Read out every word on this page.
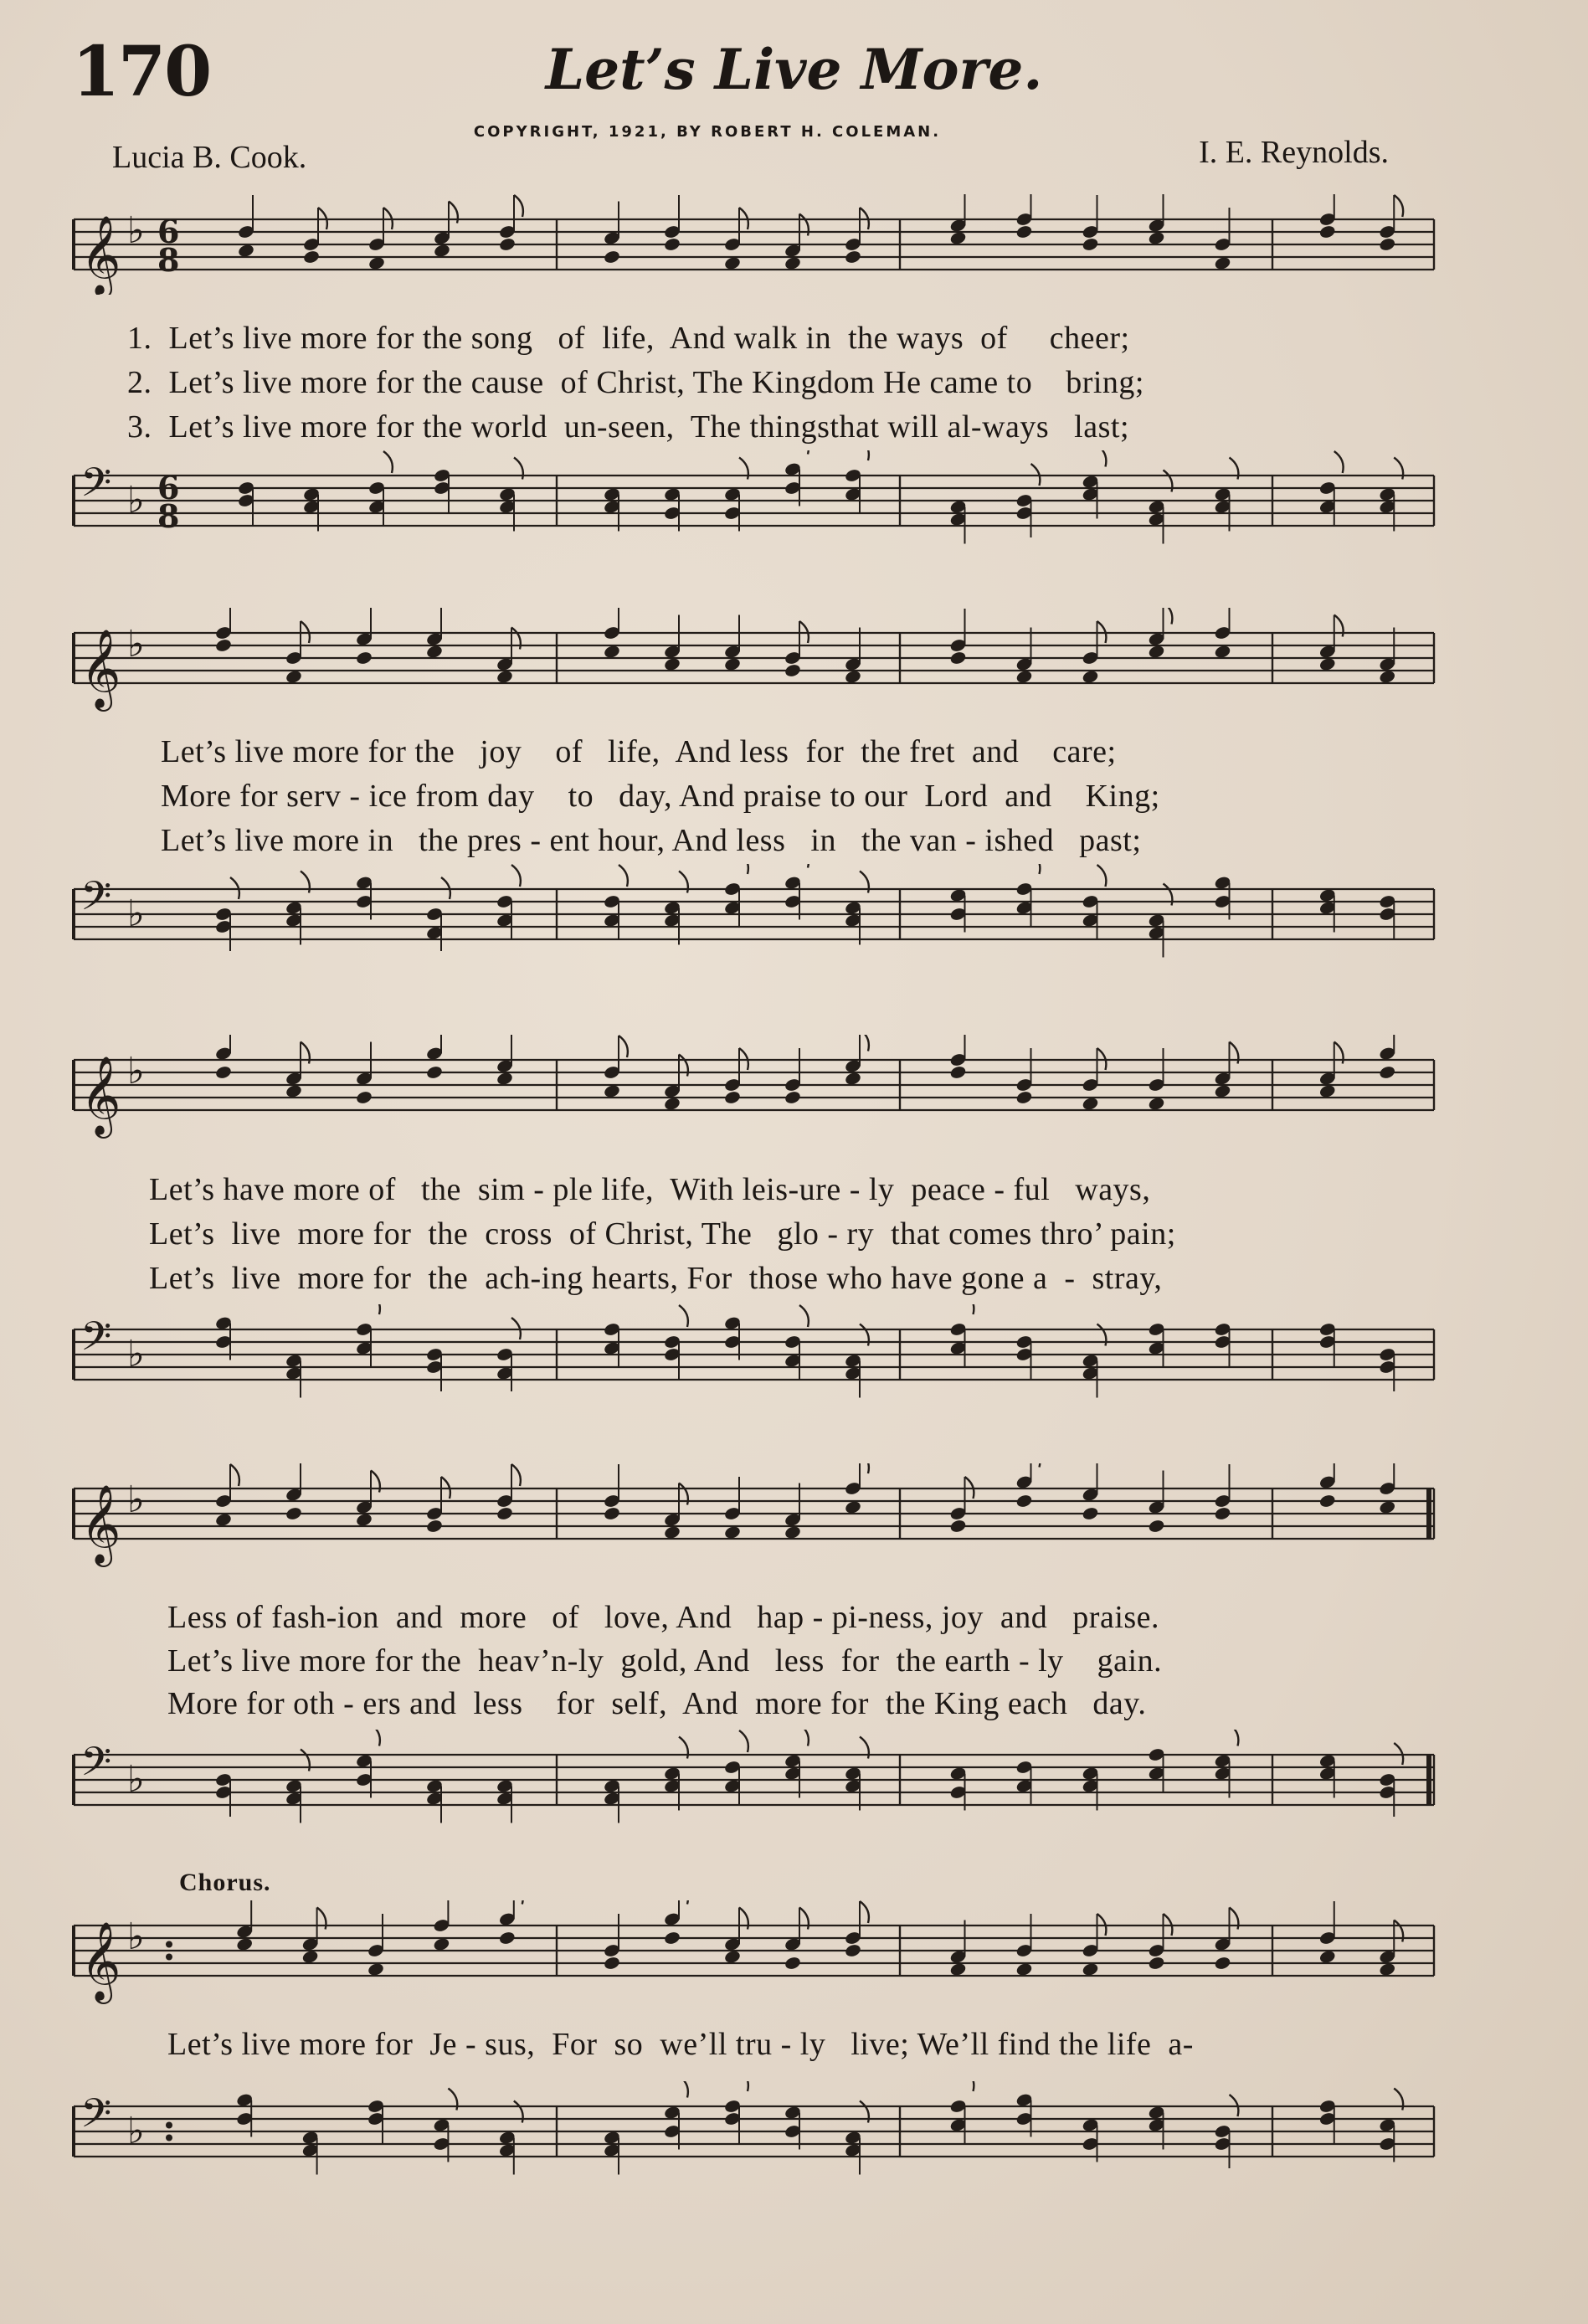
170	Let’s Live More.
COPYRIGHT, 1921, BY ROBERT H. COLEMAN.
Lucia B. Cook.	I. E. Reynolds.
𝄞 ♭ 6
8
1.  Let’s live more for the song   of  life,  And walk in  the ways  of     cheer;
2.  Let’s live more for the cause  of Christ, The Kingdom He came to    bring;
3.  Let’s live more for the world  un-seen,  The thingsthat will al-ways   last;
𝄢 ♭ 6
8
𝄞 ♭
Let’s live more for the   joy    of   life,  And less  for  the fret  and    care;
More for serv - ice from day    to   day, And praise to our  Lord  and    King;
Let’s live more in   the pres - ent hour, And less   in   the van - ished   past;
𝄢 ♭
𝄞 ♭
Let’s have more of   the  sim - ple life,  With leis-ure - ly  peace - ful   ways,
Let’s  live  more for  the  cross  of Christ, The   glo - ry  that comes thro’ pain;
Let’s  live  more for  the  ach-ing hearts, For  those who have gone a  -  stray,
𝄢 ♭
𝄞 ♭
Less of fash-ion  and  more   of   love, And   hap - pi-ness, joy  and   praise.
Let’s live more for the  heav’n-ly  gold, And   less  for  the earth - ly    gain.
More for oth - ers and  less    for  self,  And  more for  the King each   day.
𝄢 ♭
Chorus.
𝄞 ♭
Let’s live more for  Je - sus,  For  so  we’ll tru - ly   live; We’ll find the life  a-
𝄢 ♭
